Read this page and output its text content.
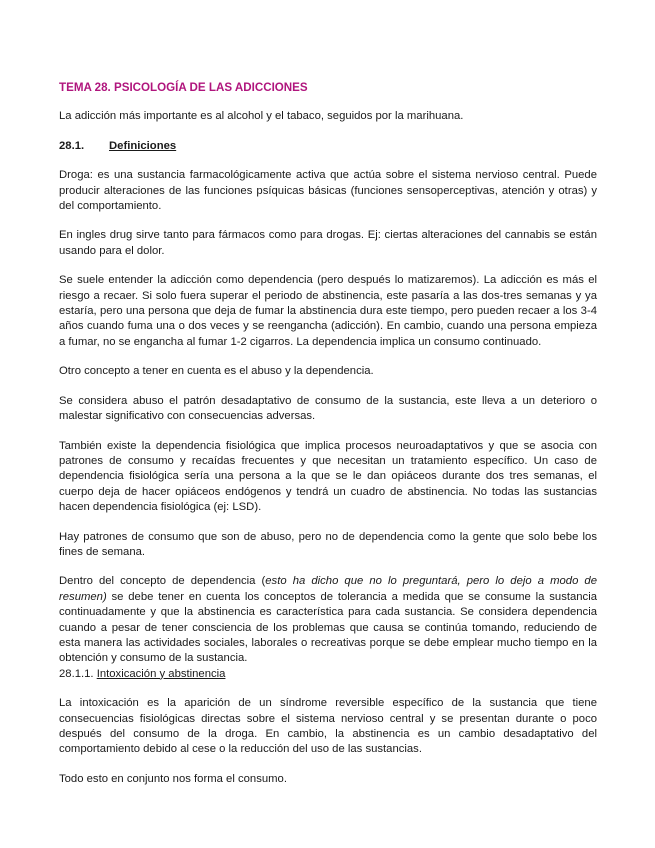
TEMA 28. PSICOLOGÍA DE LAS ADICCIONES

La adicción más importante es al alcohol y el tabaco, seguidos por la marihuana.

28.1. Definiciones

Droga: es una sustancia farmacológicamente activa que actúa sobre el sistema nervioso central. Puede producir alteraciones de las funciones psíquicas básicas (funciones sensoperceptivas, atención y otras) y del comportamiento.

En ingles drug sirve tanto para fármacos como para drogas. Ej: ciertas alteraciones del cannabis se están usando para el dolor.

Se suele entender la adicción como dependencia (pero después lo matizaremos). La adicción es más el riesgo a recaer. Si solo fuera superar el periodo de abstinencia, este pasaría a las dos-tres semanas y ya estaría, pero una persona que deja de fumar la abstinencia dura este tiempo, pero pueden recaer a los 3-4 años cuando fuma una o dos veces y se reengancha (adicción). En cambio, cuando una persona empieza a fumar, no se engancha al fumar 1-2 cigarros. La dependencia implica un consumo continuado.

Otro concepto a tener en cuenta es el abuso y la dependencia.

Se considera abuso el patrón desadaptativo de consumo de la sustancia, este lleva a un deterioro o malestar significativo con consecuencias adversas.

También existe la dependencia fisiológica que implica procesos neuroadaptativos y que se asocia con patrones de consumo y recaídas frecuentes y que necesitan un tratamiento específico. Un caso de dependencia fisiológica sería una persona a la que se le dan opiáceos durante dos tres semanas, el cuerpo deja de hacer opiáceos endógenos y tendrá un cuadro de abstinencia. No todas las sustancias hacen dependencia fisiológica (ej: LSD).

Hay patrones de consumo que son de abuso, pero no de dependencia como la gente que solo bebe los fines de semana.

Dentro del concepto de dependencia (esto ha dicho que no lo preguntará, pero lo dejo a modo de resumen) se debe tener en cuenta los conceptos de tolerancia a medida que se consume la sustancia continuadamente y que la abstinencia es característica para cada sustancia. Se considera dependencia cuando a pesar de tener consciencia de los problemas que causa se continúa tomando, reduciendo de esta manera las actividades sociales, laborales o recreativas porque se debe emplear mucho tiempo en la obtención y consumo de la sustancia.

28.1.1. Intoxicación y abstinencia

La intoxicación es la aparición de un síndrome reversible específico de la sustancia que tiene consecuencias fisiológicas directas sobre el sistema nervioso central y se presentan durante o poco después del consumo de la droga. En cambio, la abstinencia es un cambio desadaptativo del comportamiento debido al cese o la reducción del uso de las sustancias.

Todo esto en conjunto nos forma el consumo.
